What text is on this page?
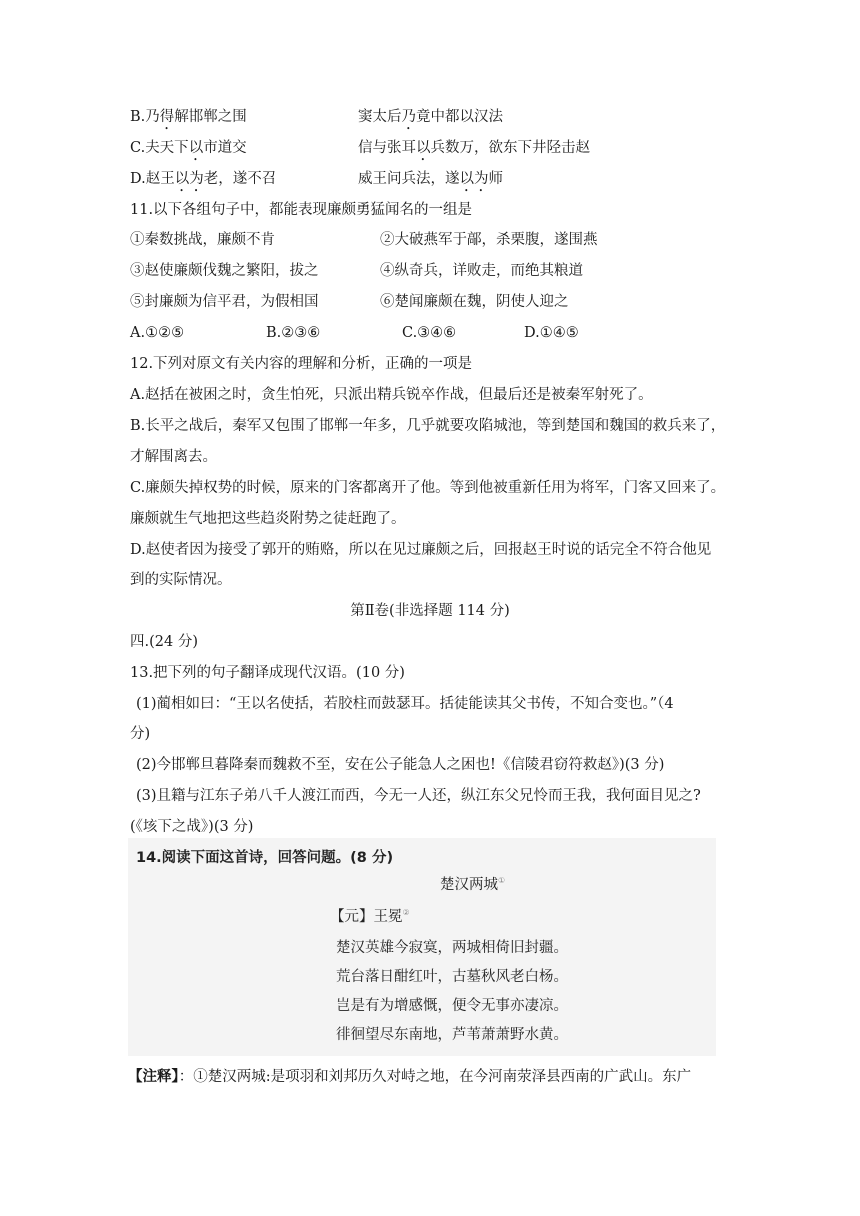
B.乃得解邯郸之围	窦太后乃竟中都以汉法
C.夫天下以市道交	信与张耳以兵数万，欲东下井陉击赵
D.赵王以为老，遂不召	威王问兵法，遂以为师
11.以下各组句子中，都能表现廉颇勇猛闻名的一组是
①秦数挑战，廉颇不肯	②大破燕军于鄗，杀栗腹，遂围燕
③赵使廉颇伐魏之繁阳，拔之	④纵奇兵，详败走，而绝其粮道
⑤封廉颇为信平君，为假相国	⑥楚闻廉颇在魏，阴使人迎之
A.①②⑤	B.②③⑥	C.③④⑥	D.①④⑤
12.下列对原文有关内容的理解和分析，正确的一项是
A.赵括在被困之时，贪生怕死，只派出精兵锐卒作战，但最后还是被秦军射死了。
B.长平之战后，秦军又包围了邯郸一年多，几乎就要攻陷城池，等到楚国和魏国的救兵来了，
才解围离去。
C.廉颇失掉权势的时候，原来的门客都离开了他。等到他被重新任用为将军，门客又回来了。
廉颇就生气地把这些趋炎附势之徒赶跑了。
D.赵使者因为接受了郭开的贿赂，所以在见过廉颇之后，回报赵王时说的话完全不符合他见
到的实际情况。
第Ⅱ卷(非选择题 114 分)
四.(24 分)
13.把下列的句子翻译成现代汉语。(10 分)
(1)蔺相如曰：“王以名使括，若胶柱而鼓瑟耳。括徒能读其父书传，不知合变也。”（4
分)
(2)今邯郸旦暮降秦而魏救不至，安在公子能急人之困也!《信陵君窃符救赵》)(3 分)
(3)且籍与江东子弟八千人渡江而西，今无一人还，纵江东父兄怜而王我，我何面目见之?
(《垓下之战》)(3 分)
14.阅读下面这首诗，回答问题。(8 分)
楚汉两城①
【元】王冕②
楚汉英雄今寂寞，两城相倚旧封疆。
荒台落日酣红叶，古墓秋风老白杨。
岂是有为增感慨，便令无事亦凄凉。
徘徊望尽东南地，芦苇萧萧野水黄。
【注释】：①楚汉两城:是项羽和刘邦历久对峙之地，在今河南荥泽县西南的广武山。东广
